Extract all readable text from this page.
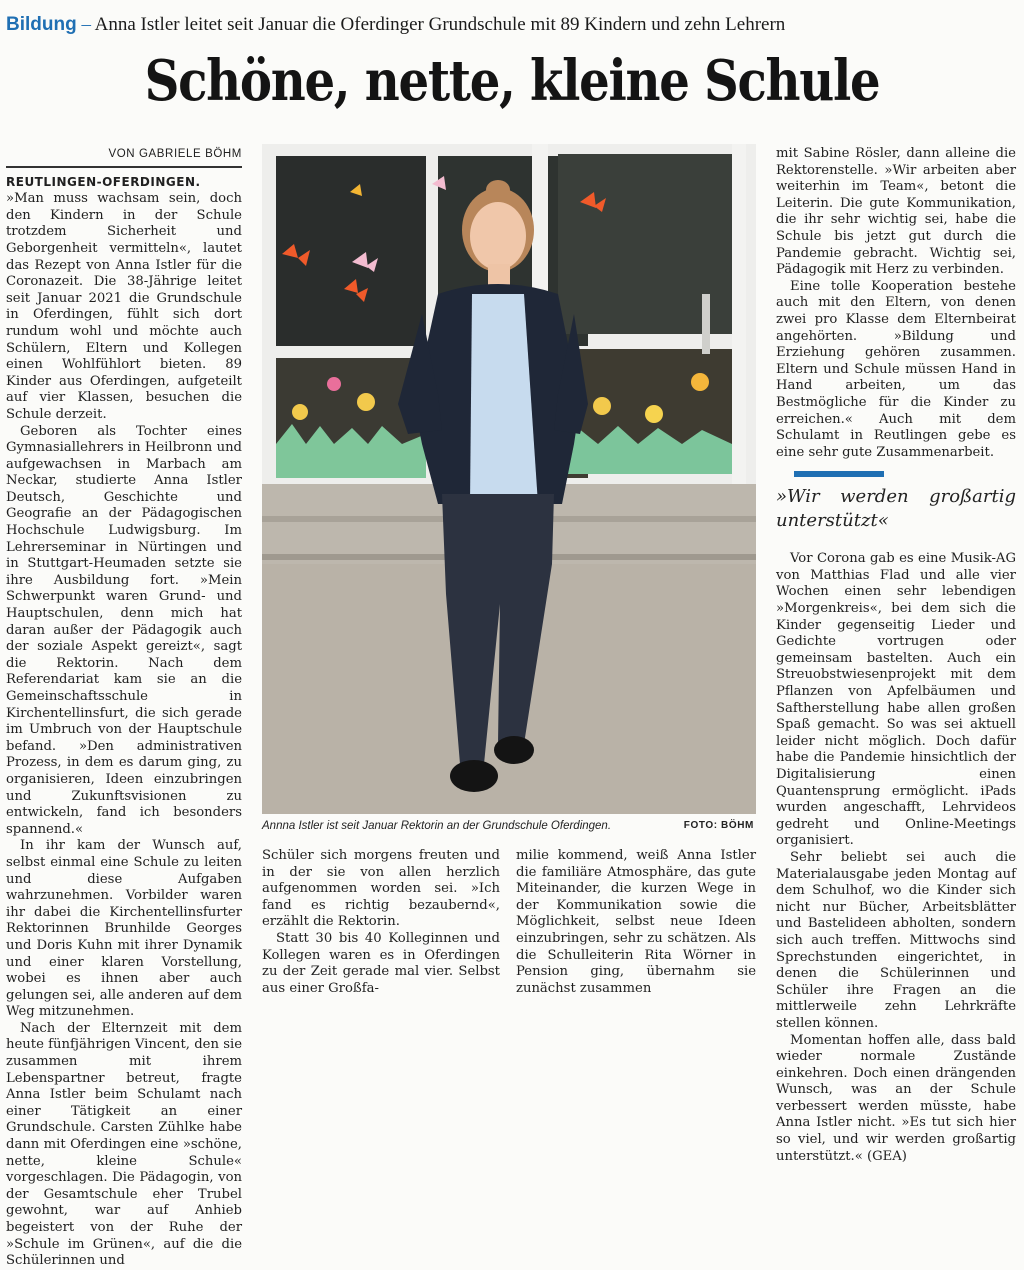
Bildung – Anna Istler leitet seit Januar die Oferdinger Grundschule mit 89 Kindern und zehn Lehrern
Schöne, nette, kleine Schule
VON GABRIELE BÖHM

REUTLINGEN-OFERDINGEN. »Man muss wachsam sein, doch den Kindern in der Schule trotzdem Sicherheit und Geborgenheit vermitteln«, lautet das Rezept von Anna Istler für die Coronazeit. Die 38-Jährige leitet seit Januar 2021 die Grundschule in Oferdingen, fühlt sich dort rundum wohl und möchte auch Schülern, Eltern und Kollegen einen Wohlfühlort bieten. 89 Kinder aus Oferdingen, aufgeteilt auf vier Klassen, besuchen die Schule derzeit.

Geboren als Tochter eines Gymnasiallehrers in Heilbronn und aufgewachsen in Marbach am Neckar, studierte Anna Istler Deutsch, Geschichte und Geografie an der Pädagogischen Hochschule Ludwigsburg. Im Lehrerseminar in Nürtingen und in Stuttgart-Heumaden setzte sie ihre Ausbildung fort. »Mein Schwerpunkt waren Grund- und Hauptschulen, denn mich hat daran außer der Pädagogik auch der soziale Aspekt gereizt«, sagt die Rektorin. Nach dem Referendariat kam sie an die Gemeinschaftsschule in Kirchentellinsfurt, die sich gerade im Umbruch von der Hauptschule befand. »Den administrativen Prozess, in dem es darum ging, zu organisieren, Ideen einzubringen und Zukunftsvisionen zu entwickeln, fand ich besonders spannend.«

In ihr kam der Wunsch auf, selbst einmal eine Schule zu leiten und diese Aufgaben wahrzunehmen. Vorbilder waren ihr dabei die Kirchentellinsfurter Rektorinnen Brunhilde Georges und Doris Kuhn mit ihrer Dynamik und einer klaren Vorstellung, wobei es ihnen aber auch gelungen sei, alle anderen auf dem Weg mitzunehmen.

Nach der Elternzeit mit dem heute fünfjährigen Vincent, den sie zusammen mit ihrem Lebenspartner betreut, fragte Anna Istler beim Schulamt nach einer Tätigkeit an einer Grundschule. Carsten Zühlke habe dann mit Oferdingen eine »schöne, nette, kleine Schule« vorgeschlagen. Die Pädagogin, von der Gesamtschule eher Trubel gewohnt, war auf Anhieb begeistert von der Ruhe der »Schule im Grünen«, auf die die Schülerinnen und

Annna Istler ist seit Januar Rektorin an der Grundschule Oferdingen.	FOTO: BÖHM

Schüler sich morgens freuten und in der sie von allen herzlich aufgenommen worden sei. »Ich fand es richtig bezaubernd«, erzählt die Rektorin.

Statt 30 bis 40 Kolleginnen und Kollegen waren es in Oferdingen zu der Zeit gerade mal vier. Selbst aus einer Großfa-

milie kommend, weiß Anna Istler die familiäre Atmosphäre, das gute Miteinander, die kurzen Wege in der Kommunikation sowie die Möglichkeit, selbst neue Ideen einzubringen, sehr zu schätzen. Als die Schulleiterin Rita Wörner in Pension ging, übernahm sie zunächst zusammen

mit Sabine Rösler, dann alleine die Rektorenstelle. »Wir arbeiten aber weiterhin im Team«, betont die Leiterin. Die gute Kommunikation, die ihr sehr wichtig sei, habe die Schule bis jetzt gut durch die Pandemie gebracht. Wichtig sei, Pädagogik mit Herz zu verbinden.

Eine tolle Kooperation bestehe auch mit den Eltern, von denen zwei pro Klasse dem Elternbeirat angehörten. »Bildung und Erziehung gehören zusammen. Eltern und Schule müssen Hand in Hand arbeiten, um das Bestmögliche für die Kinder zu erreichen.« Auch mit dem Schulamt in Reutlingen gebe es eine sehr gute Zusammenarbeit.

»Wir werden großartig unterstützt«

Vor Corona gab es eine Musik-AG von Matthias Flad und alle vier Wochen einen sehr lebendigen »Morgenkreis«, bei dem sich die Kinder gegenseitig Lieder und Gedichte vortrugen oder gemeinsam bastelten. Auch ein Streuobstwiesenprojekt mit dem Pflanzen von Apfelbäumen und Saftherstellung habe allen großen Spaß gemacht. So was sei aktuell leider nicht möglich. Doch dafür habe die Pandemie hinsichtlich der Digitalisierung einen Quantensprung ermöglicht. iPads wurden angeschafft, Lehrvideos gedreht und Online-Meetings organisiert.

Sehr beliebt sei auch die Materialausgabe jeden Montag auf dem Schulhof, wo die Kinder sich nicht nur Bücher, Arbeitsblätter und Bastelideen abholten, sondern sich auch treffen. Mittwochs sind Sprechstunden eingerichtet, in denen die Schülerinnen und Schüler ihre Fragen an die mittlerweile zehn Lehrkräfte stellen können.

Momentan hoffen alle, dass bald wieder normale Zustände einkehren. Doch einen drängenden Wunsch, was an der Schule verbessert werden müsste, habe Anna Istler nicht. »Es tut sich hier so viel, und wir werden großartig unterstützt.« (GEA)
